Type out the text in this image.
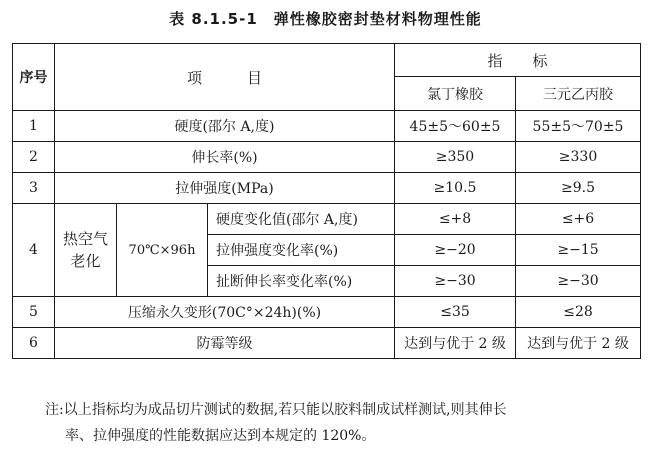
表 8.1.5-1　弹性橡胶密封垫材料物理性能
序号	项　　　目			指　　标	
				氯丁橡胶	三元乙丙胶
1	硬度(邵尔 A,度)			45±5～60±5	55±5～70±5
2	伸长率(%)			≥350	≥330
3	拉伸强度(MPa)			≥10.5	≥9.5
4	热空气老化	70℃×96h	硬度变化值(邵尔 A,度)	≤+8	≤+6
			拉伸强度变化率(%)	≥−20	≥−15
			扯断伸长率变化率(%)	≥−30	≥−30
5	压缩永久变形(70C°×24h)(%)			≤35	≤28
6	防霉等级			达到与优于 2 级	达到与优于 2 级
注:以上指标均为成品切片测试的数据,若只能以胶料制成试样测试,则其伸长
率、拉伸强度的性能数据应达到本规定的 120%。
